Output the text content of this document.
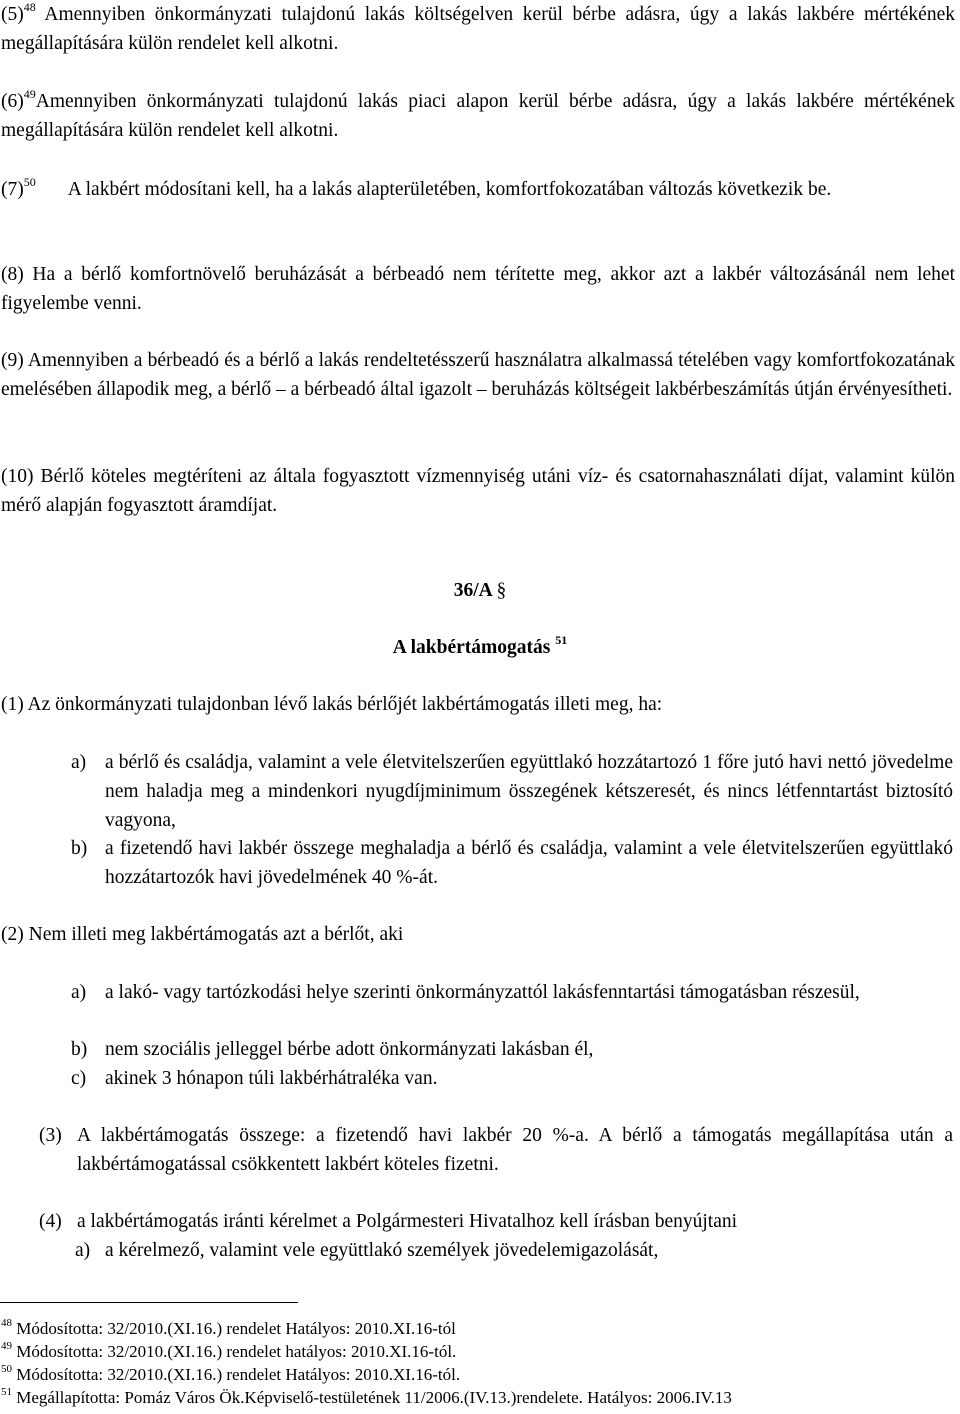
$(5)^{48}$ Amennyiben önkormányzati tulajdonú lakás költségelven kerül bérbe adásra, úgy a lakás lakbére mértékének megállapítására külön rendelet kell alkotni.

$(6)^{49}Amennyiben$ önkormányzati tulajdonú lakás piaci alapon kerül bérbe adásra, úgy a lakás lakbére mértékének megállapítására külön rendelet kell alkotni.

$(7)^{50}$ A lakbért módosítani kell, ha a lakás alapterületében, komfortfokozatában változás következik be.

(8) Ha a bérlő komfortnövelő beruházását a bérbeadó nem térítette meg, akkor azt a lakbér változásánál nem lehet figyelembe venni.

(9) Amennyiben a bérbeadó és a bérlő a lakás rendeltetésszerű használatra alkalmassá tételében vagy komfortfokozatának emelésében állapodik meg, a bérlő – a bérbeadó által igazolt – beruházás költségeit lakbérbeszámítás útján érvényesítheti.

(10) Bérlő köteles megtéríteni az általa fogyasztott vízmennyiség utáni víz- és csatornahasználati díjat, valamint külön mérő alapján fogyasztott áramdíjat.

36/A §
A lakbértámogatás $^{51}$

(1) Az önkormányzati tulajdonban lévő lakás bérlőjét lakbértámogatás illeti meg, ha:

a) a bérlő és családja, valamint a vele életvitelszerűen együttlakó hozzátartozó 1 főre jutó havi nettó jövedelme nem haladja meg a mindenkori nyugdíjminimum összegének kétszeresét, és nincs létfenntartást biztosító vagyona,
b) a fizetendő havi lakbér összege meghaladja a bérlő és családja, valamint a vele életvitelszerűen együttlakó hozzátartozók havi jövedelmének 40 %-át.

(2) Nem illeti meg lakbértámogatás azt a bérlőt, aki

a) a lakó- vagy tartózkodási helye szerinti önkormányzattól lakásfenntartási támogatásban részesül,
b) nem szociális jelleggel bérbe adott önkormányzati lakásban él,
c) akinek 3 hónapon túli lakbérhátraléka van.
(3) A lakbértámogatás összege: a fizetendő havi lakbér 20 %-a. A bérlő a támogatás megállapítása után a lakbértámogatással csökkentett lakbért köteles fizetni.
(4) a lakbértámogatás iránti kérelmet a Polgármesteri Hivatalhoz kell írásban benyújtani
a) a kérelmező, valamint vele együttlakó személyek jövedelemigazolását,
$^{48}$ Módosította: 32/2010.(XI.16.) rendelet Hatályos: 2010.XI.16-tól
$^{49}$ Módosította: 32/2010.(XI.16.) rendelet hatályos: 2010.XI.16-tól.
$^{50}$ Módosította: 32/2010.(XI.16.) rendelet Hatályos: 2010.XI.16-tól.
$^{51}$ Megállapította: Pomáz Város Ök.Képviselő-testületének 11/2006.(IV.13.)rendelete. Hatályos: 2006.IV.13
